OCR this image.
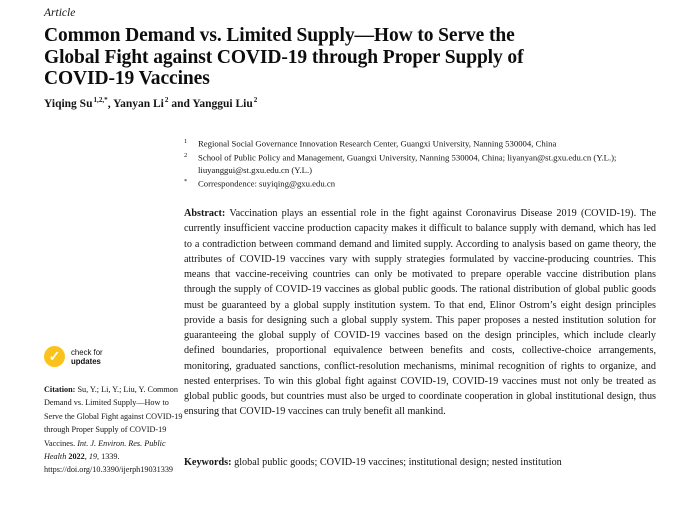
Article
Common Demand vs. Limited Supply—How to Serve the
Global Fight against COVID-19 through Proper Supply of
COVID-19 Vaccines
Yiqing $Su^{1,2,*}$, Yanyan Li$^2$ and Yanggui Liu$^2$
✓	check for
updates
Citation: Su, Y.; Li, Y.; Liu, Y. Common Demand vs. Limited Supply—How to Serve the Global Fight against COVID-19 through Proper Supply of COVID-19 Vaccines. Int. J. Environ. Res. Public Health 2022, 19, 1339. https://doi.org/10.3390/ijerph19031339
1 Regional Social Governance Innovation Research Center, Guangxi University, Nanning 530004, China
2 School of Public Policy and Management, Guangxi University, Nanning 530004, China; liyanyan@st.gxu.edu.cn (Y.L.); liuyanggui@st.gxu.edu.cn (Y.L.)
* Correspondence: suyiqing@gxu.edu.cn
Abstract: Vaccination plays an essential role in the fight against Coronavirus Disease 2019 (COVID-19). The currently insufficient vaccine production capacity makes it difficult to balance supply with demand, which has led to a contradiction between command demand and limited supply. According to analysis based on game theory, the attributes of COVID-19 vaccines vary with supply strategies formulated by vaccine-producing countries. This means that vaccine-receiving countries can only be motivated to prepare operable vaccine distribution plans through the supply of COVID-19 vaccines as global public goods. The rational distribution of global public goods must be guaranteed by a global supply institution system. To that end, Elinor Ostrom’s eight design principles provide a basis for designing such a global supply system. This paper proposes a nested institution solution for guaranteeing the global supply of COVID-19 vaccines based on the design principles, which include clearly defined boundaries, proportional equivalence between benefits and costs, collective-choice arrangements, monitoring, graduated sanctions, conflict-resolution mechanisms, minimal recognition of rights to organize, and nested enterprises. To win this global fight against COVID-19, COVID-19 vaccines must not only be treated as global public goods, but countries must also be urged to coordinate cooperation in global institutional design, thus ensuring that COVID-19 vaccines can truly benefit all mankind.
Keywords: global public goods; COVID-19 vaccines; institutional design; nested institution
